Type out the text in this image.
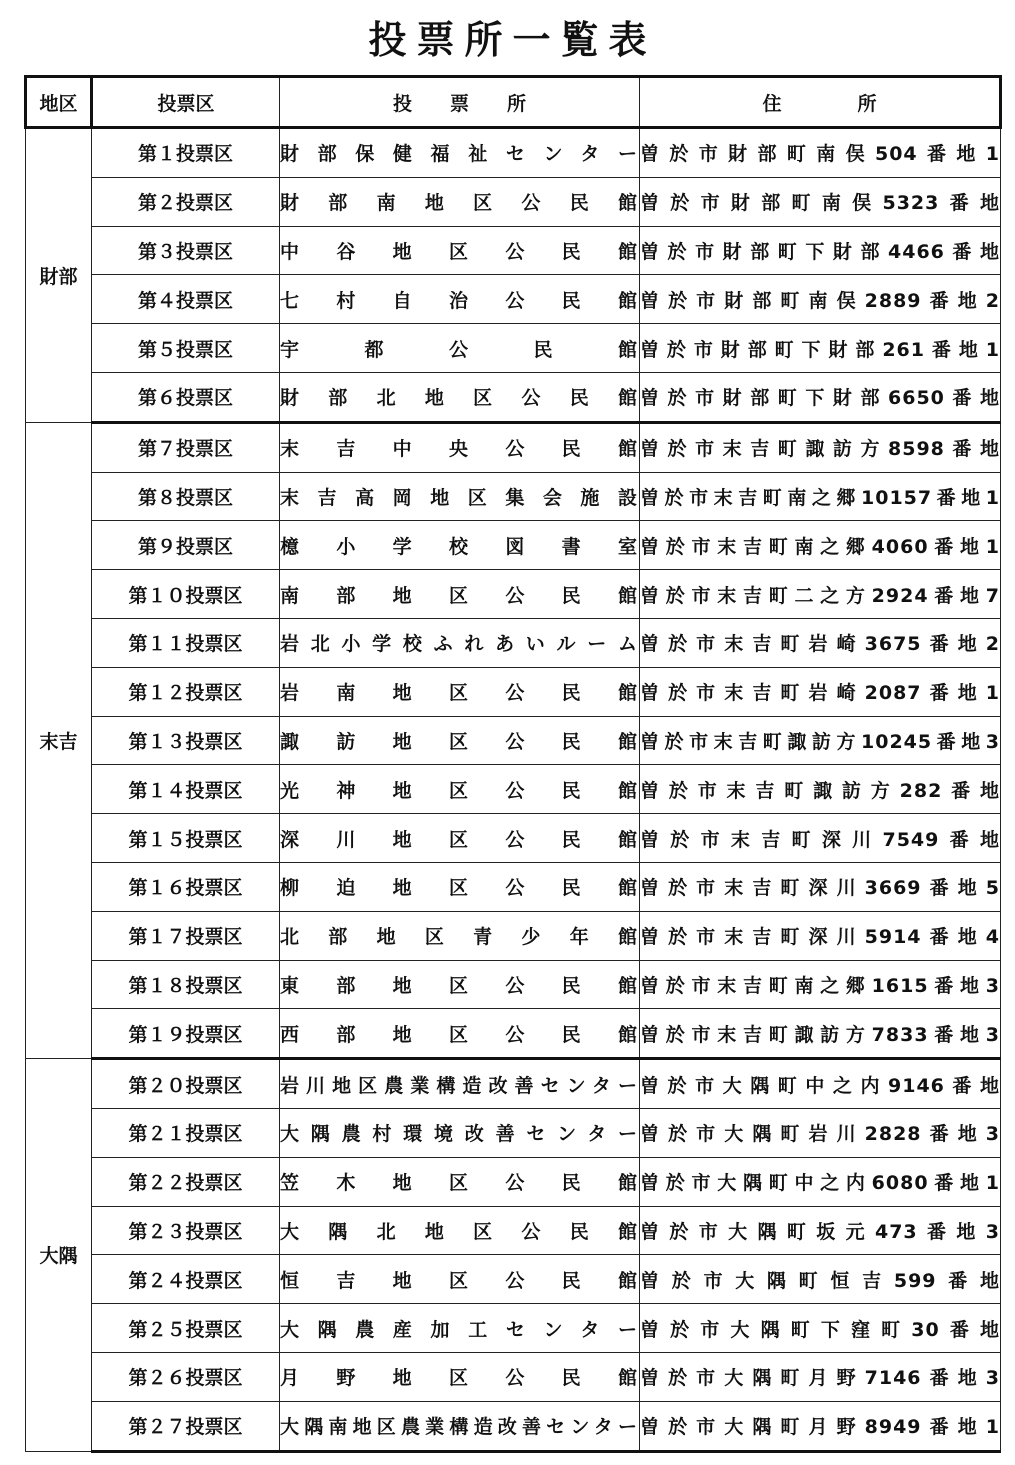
投票所一覧表
地区	投票区	投　　票　　所	住　　　　所
財部	第１投票区	財部保健福祉センター	曽於市財部町南俣504番地1
	第２投票区	財部南地区公民館	曽於市財部町南俣5323番地
	第３投票区	中谷地区公民館	曽於市財部町下財部4466番地
	第４投票区	七村自治公民館	曽於市財部町南俣2889番地2
	第５投票区	宇都公民館	曽於市財部町下財部261番地1
	第６投票区	財部北地区公民館	曽於市財部町下財部6650番地
末吉	第７投票区	末吉中央公民館	曽於市末吉町諏訪方8598番地
	第８投票区	末吉高岡地区集会施設	曽於市末吉町南之郷10157番地1
	第９投票区	檍小学校図書室	曽於市末吉町南之郷4060番地1
	第１０投票区	南部地区公民館	曽於市末吉町二之方2924番地7
	第１１投票区	岩北小学校ふれあいルーム	曽於市末吉町岩崎3675番地2
	第１２投票区	岩南地区公民館	曽於市末吉町岩崎2087番地1
	第１３投票区	諏訪地区公民館	曽於市末吉町諏訪方10245番地3
	第１４投票区	光神地区公民館	曽於市末吉町諏訪方282番地
	第１５投票区	深川地区公民館	曽於市末吉町深川7549番地
	第１６投票区	柳迫地区公民館	曽於市末吉町深川3669番地5
	第１７投票区	北部地区青少年館	曽於市末吉町深川5914番地4
	第１８投票区	東部地区公民館	曽於市末吉町南之郷1615番地3
	第１９投票区	西部地区公民館	曽於市末吉町諏訪方7833番地3
大隅	第２０投票区	岩川地区農業構造改善センター	曽於市大隅町中之内9146番地
	第２１投票区	大隅農村環境改善センター	曽於市大隅町岩川2828番地3
	第２２投票区	笠木地区公民館	曽於市大隅町中之内6080番地1
	第２３投票区	大隅北地区公民館	曽於市大隅町坂元473番地3
	第２４投票区	恒吉地区公民館	曽於市大隅町恒吉599番地
	第２５投票区	大隅農産加工センター	曽於市大隅町下窪町30番地
	第２６投票区	月野地区公民館	曽於市大隅町月野7146番地3
	第２７投票区	大隅南地区農業構造改善センター	曽於市大隅町月野8949番地1
